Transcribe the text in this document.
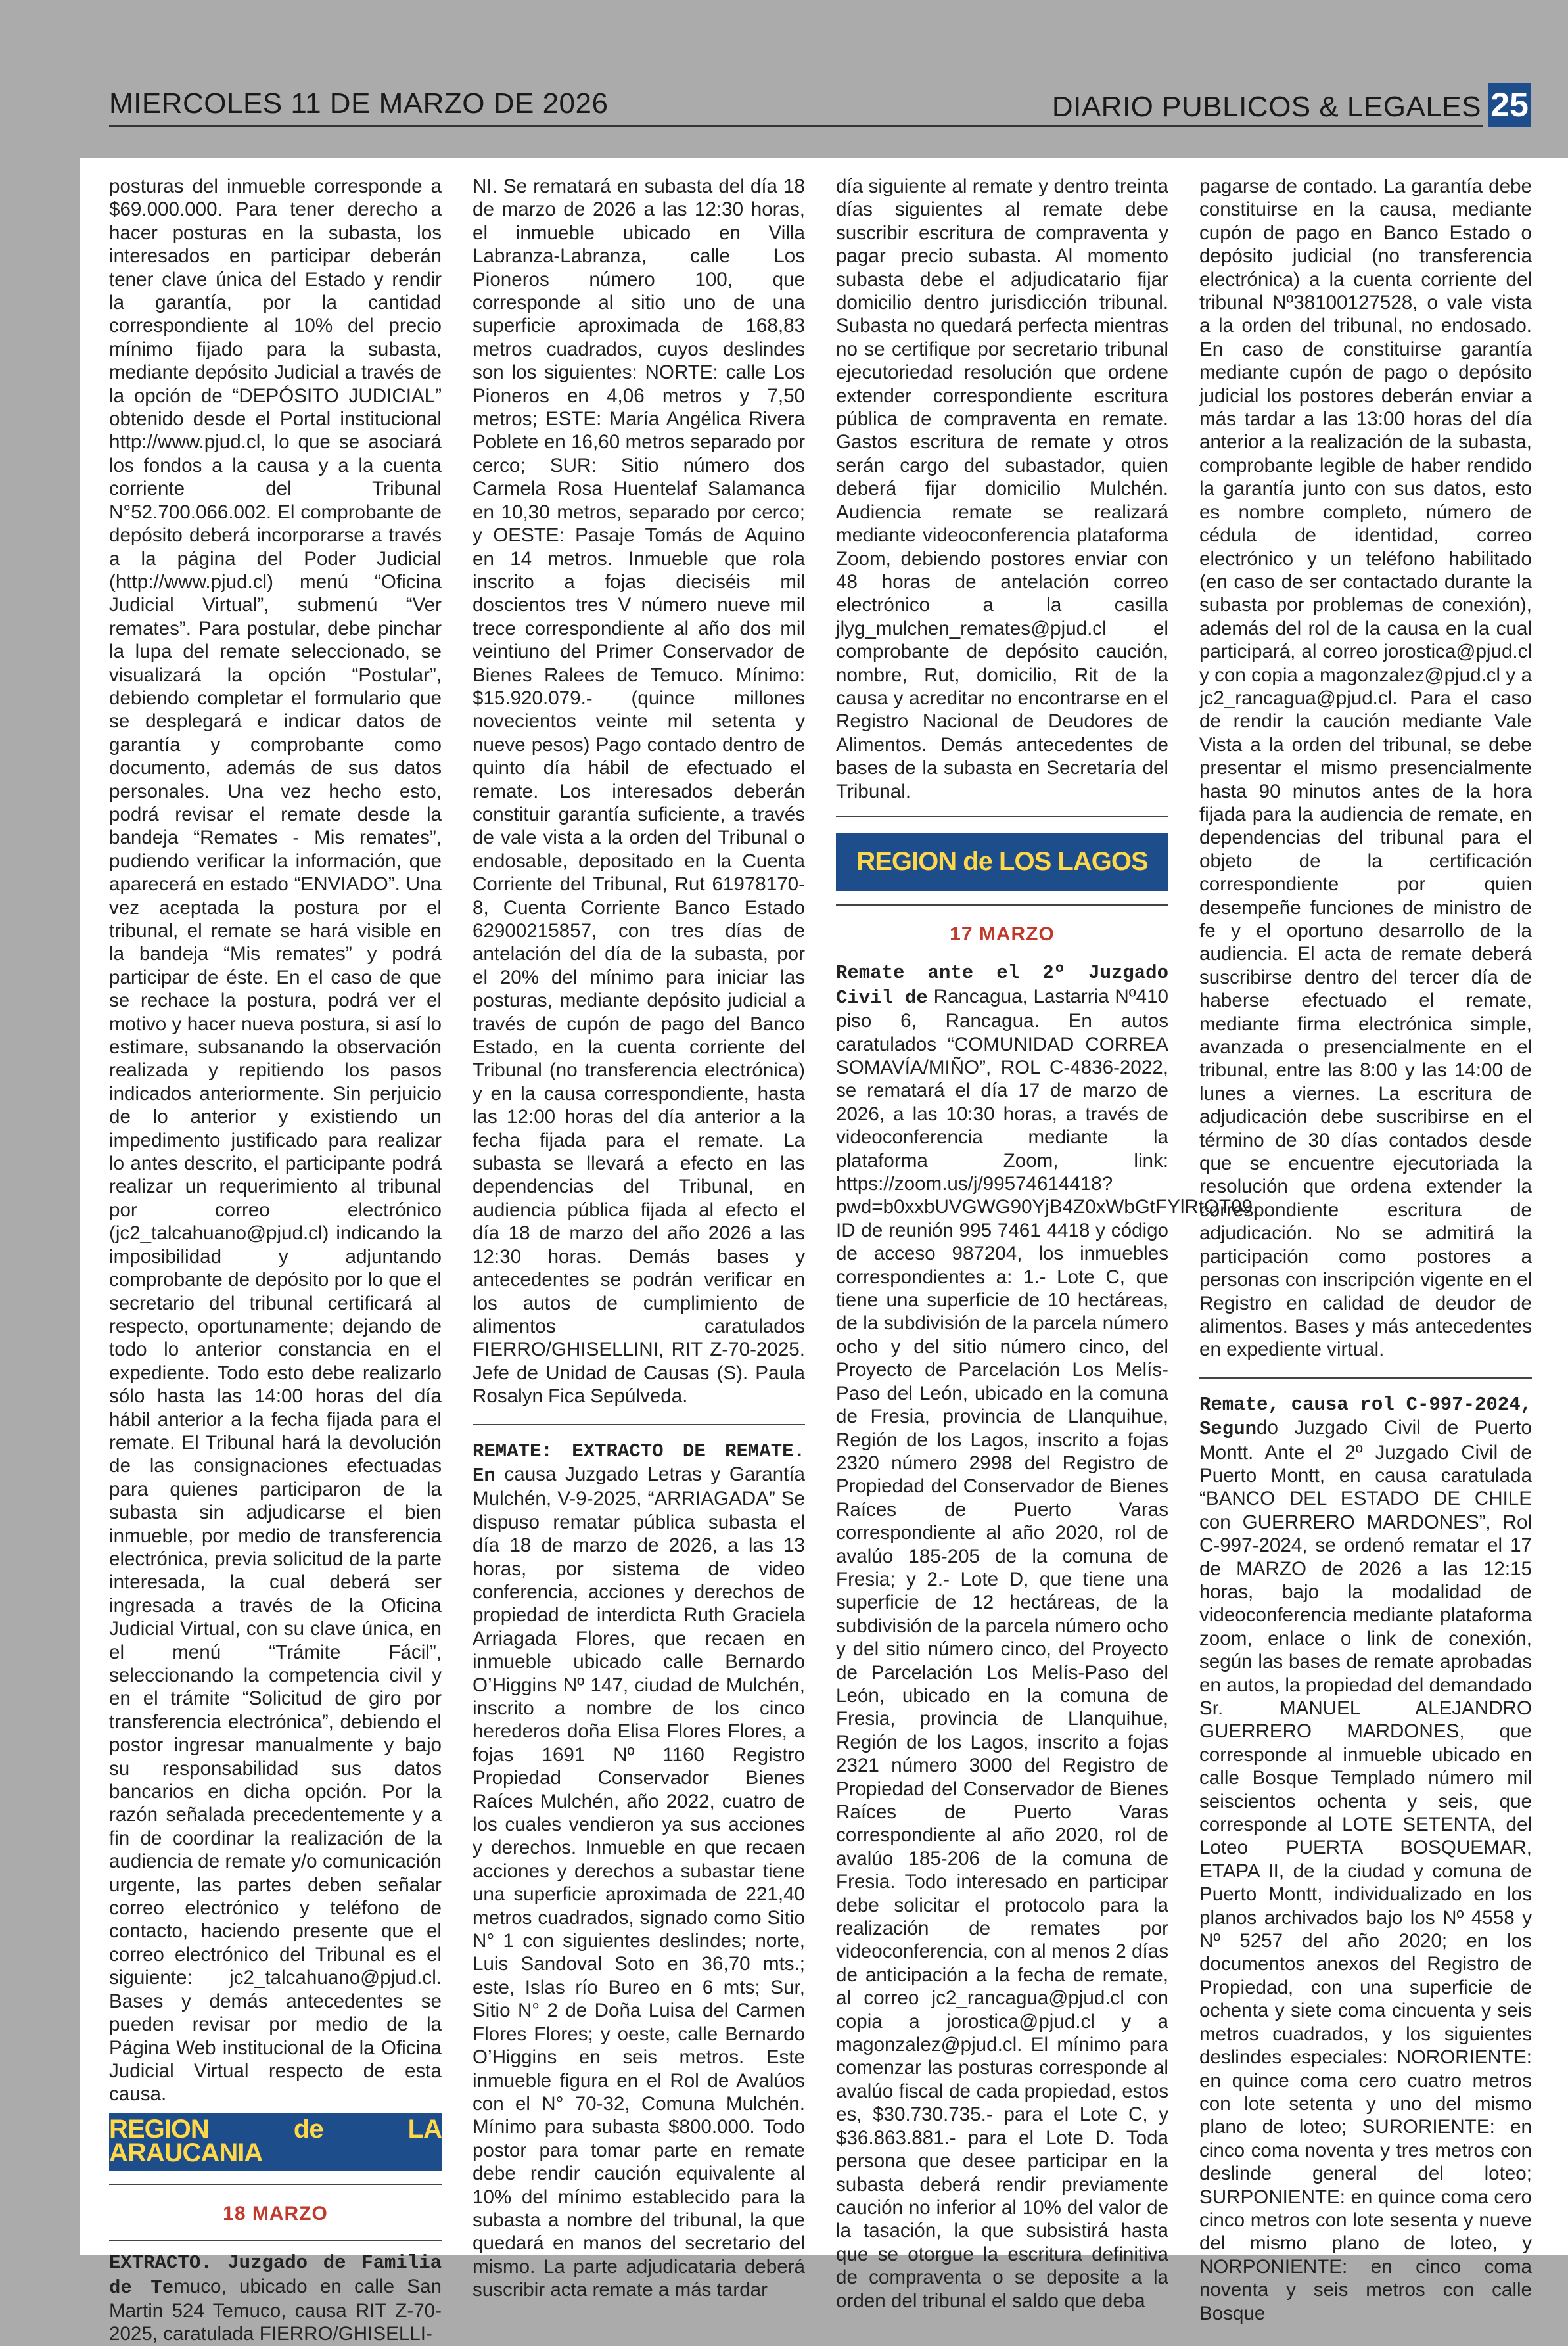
MIERCOLES 11 DE MARZO DE 2026	DIARIO PUBLICOS & LEGALES 25

posturas del inmueble corresponde a $69.000.000. Para tener derecho a hacer posturas en la subasta, los interesados en participar deberán tener clave única del Estado y rendir la garantía, por la cantidad correspondiente al 10% del precio mínimo fijado para la subasta, mediante depósito Judicial a través de la opción de “DEPÓSITO JUDICIAL” obtenido desde el Portal institucional http://www.pjud.cl, lo que se asociará los fondos a la causa y a la cuenta corriente del Tribunal N°52.700.066.002. El comprobante de depósito deberá incorporarse a través a la página del Poder Judicial (http://www.pjud.cl) menú “Oficina Judicial Virtual”, submenú “Ver remates”. Para postular, debe pinchar la lupa del remate seleccionado, se visualizará la opción “Postular”, debiendo completar el formulario que se desplegará e indicar datos de garantía y comprobante como documento, además de sus datos personales. Una vez hecho esto, podrá revisar el remate desde la bandeja “Remates - Mis remates”, pudiendo verificar la información, que aparecerá en estado “ENVIADO”. Una vez aceptada la postura por el tribunal, el remate se hará visible en la bandeja “Mis remates” y podrá participar de éste. En el caso de que se rechace la postura, podrá ver el motivo y hacer nueva postura, si así lo estimare, subsanando la observación realizada y repitiendo los pasos indicados anteriormente. Sin perjuicio de lo anterior y existiendo un impedimento justificado para realizar lo antes descrito, el participante podrá realizar un requerimiento al tribunal por correo electrónico (jc2_talcahuano@pjud.cl) indicando la imposibilidad y adjuntando comprobante de depósito por lo que el secretario del tribunal certificará al respecto, oportunamente; dejando de todo lo anterior constancia en el expediente. Todo esto debe realizarlo sólo hasta las 14:00 horas del día hábil anterior a la fecha fijada para el remate. El Tribunal hará la devolución de las consignaciones efectuadas para quienes participaron de la subasta sin adjudicarse el bien inmueble, por medio de transferencia electrónica, previa solicitud de la parte interesada, la cual deberá ser ingresada a través de la Oficina Judicial Virtual, con su clave única, en el menú “Trámite Fácil”, seleccionando la competencia civil y en el trámite “Solicitud de giro por transferencia electrónica”, debiendo el postor ingresar manualmente y bajo su responsabilidad sus datos bancarios en dicha opción. Por la razón señalada precedentemente y a fin de coordinar la realización de la audiencia de remate y/o comunicación urgente, las partes deben señalar correo electrónico y teléfono de contacto, haciendo presente que el correo electrónico del Tribunal es el siguiente: jc2_talcahuano@pjud.cl. Bases y demás antecedentes se pueden revisar por medio de la Página Web institucional de la Oficina Judicial Virtual respecto de esta causa.

REGION de LA ARAUCANIA
18 MARZO

EXTRACTO. Juzgado de Familia de Temuco, ubicado en calle San Martin 524 Temuco, causa RIT Z-70-2025, caratulada FIERRO/GHISELLI-

NI. Se rematará en subasta del día 18 de marzo de 2026 a las 12:30 horas, el inmueble ubicado en Villa Labranza-Labranza, calle Los Pioneros número 100, que corresponde al sitio uno de una superficie aproximada de 168,83 metros cuadrados, cuyos deslindes son los siguientes: NORTE: calle Los Pioneros en 4,06 metros y 7,50 metros; ESTE: María Angélica Rivera Poblete en 16,60 metros separado por cerco; SUR: Sitio número dos Carmela Rosa Huentelaf Salamanca en 10,30 metros, separado por cerco; y OESTE: Pasaje Tomás de Aquino en 14 metros. Inmueble que rola inscrito a fojas dieciséis mil doscientos tres V número nueve mil trece correspondiente al año dos mil veintiuno del Primer Conservador de Bienes Ralees de Temuco. Mínimo: $15.920.079.- (quince millones novecientos veinte mil setenta y nueve pesos) Pago contado dentro de quinto día hábil de efectuado el remate. Los interesados deberán constituir garantía suficiente, a través de vale vista a la orden del Tribunal o endosable, depositado en la Cuenta Corriente del Tribunal, Rut 61978170-8, Cuenta Corriente Banco Estado 62900215857, con tres días de antelación del día de la subasta, por el 20% del mínimo para iniciar las posturas, mediante depósito judicial a través de cupón de pago del Banco Estado, en la cuenta corriente del Tribunal (no transferencia electrónica) y en la causa correspondiente, hasta las 12:00 horas del día anterior a la fecha fijada para el remate. La subasta se llevará a efecto en las dependencias del Tribunal, en audiencia pública fijada al efecto el día 18 de marzo del año 2026 a las 12:30 horas. Demás bases y antecedentes se podrán verificar en los autos de cumplimiento de alimentos caratulados FIERRO/GHISELLINI, RIT Z-70-2025. Jefe de Unidad de Causas (S). Paula Rosalyn Fica Sepúlveda.

REMATE: EXTRACTO DE REMATE. En causa Juzgado Letras y Garantía Mulchén, V-9-2025, “ARRIAGADA” Se dispuso rematar pública subasta el día 18 de marzo de 2026, a las 13 horas, por sistema de video conferencia, acciones y derechos de propiedad de interdicta Ruth Graciela Arriagada Flores, que recaen en inmueble ubicado calle Bernardo O’Higgins Nº 147, ciudad de Mulchén, inscrito a nombre de los cinco herederos doña Elisa Flores Flores, a fojas 1691 Nº 1160 Registro Propiedad Conservador Bienes Raíces Mulchén, año 2022, cuatro de los cuales vendieron ya sus acciones y derechos. Inmueble en que recaen acciones y derechos a subastar tiene una superficie aproximada de 221,40 metros cuadrados, signado como Sitio N° 1 con siguientes deslindes; norte, Luis Sandoval Soto en 36,70 mts.; este, Islas río Bureo en 6 mts; Sur, Sitio N° 2 de Doña Luisa del Carmen Flores Flores; y oeste, calle Bernardo O’Higgins en seis metros. Este inmueble figura en el Rol de Avalúos con el N° 70-32, Comuna Mulchén. Mínimo para subasta $800.000. Todo postor para tomar parte en remate debe rendir caución equivalente al 10% del mínimo establecido para la subasta a nombre del tribunal, la que quedará en manos del secretario del mismo. La parte adjudicataria deberá suscribir acta remate a más tardar

día siguiente al remate y dentro treinta días siguientes al remate debe suscribir escritura de compraventa y pagar precio subasta. Al momento subasta debe el adjudicatario fijar domicilio dentro jurisdicción tribunal. Subasta no quedará perfecta mientras no se certifique por secretario tribunal ejecutoriedad resolución que ordene extender correspondiente escritura pública de compraventa en remate. Gastos escritura de remate y otros serán cargo del subastador, quien deberá fijar domicilio Mulchén. Audiencia remate se realizará mediante videoconferencia plataforma Zoom, debiendo postores enviar con 48 horas de antelación correo electrónico a la casilla jlyg_mulchen_remates@pjud.cl el comprobante de depósito caución, nombre, Rut, domicilio, Rit de la causa y acreditar no encontrarse en el Registro Nacional de Deudores de Alimentos. Demás antecedentes de bases de la subasta en Secretaría del Tribunal.

REGION de LOS LAGOS
17 MARZO

Remate ante el 2º Juzgado Civil de Rancagua, Lastarria Nº410 piso 6, Rancagua. En autos caratulados “COMUNIDAD CORREA SOMAVÍA/MIÑO”, ROL C-4836-2022, se rematará el día 17 de marzo de 2026, a las 10:30 horas, a través de videoconferencia mediante la plataforma Zoom, link: https://zoom.us/j/99574614418?pwd=b0xxbUVGWG90YjB4Z0xWbGtFYlRtQT09, ID de reunión 995 7461 4418 y código de acceso 987204, los inmuebles correspondientes a: 1.- Lote C, que tiene una superficie de 10 hectáreas, de la subdivisión de la parcela número ocho y del sitio número cinco, del Proyecto de Parcelación Los Melís-Paso del León, ubicado en la comuna de Fresia, provincia de Llanquihue, Región de los Lagos, inscrito a fojas 2320 número 2998 del Registro de Propiedad del Conservador de Bienes Raíces de Puerto Varas correspondiente al año 2020, rol de avalúo 185-205 de la comuna de Fresia; y 2.- Lote D, que tiene una superficie de 12 hectáreas, de la subdivisión de la parcela número ocho y del sitio número cinco, del Proyecto de Parcelación Los Melís-Paso del León, ubicado en la comuna de Fresia, provincia de Llanquihue, Región de los Lagos, inscrito a fojas 2321 número 3000 del Registro de Propiedad del Conservador de Bienes Raíces de Puerto Varas correspondiente al año 2020, rol de avalúo 185-206 de la comuna de Fresia. Todo interesado en participar debe solicitar el protocolo para la realización de remates por videoconferencia, con al menos 2 días de anticipación a la fecha de remate, al correo jc2_rancagua@pjud.cl con copia a jorostica@pjud.cl y a magonzalez@pjud.cl. El mínimo para comenzar las posturas corresponde al avalúo fiscal de cada propiedad, estos es, $30.730.735.- para el Lote C, y $36.863.881.- para el Lote D. Toda persona que desee participar en la subasta deberá rendir previamente caución no inferior al 10% del valor de la tasación, la que subsistirá hasta que se otorgue la escritura definitiva de compraventa o se deposite a la orden del tribunal el saldo que deba

pagarse de contado. La garantía debe constituirse en la causa, mediante cupón de pago en Banco Estado o depósito judicial (no transferencia electrónica) a la cuenta corriente del tribunal Nº38100127528, o vale vista a la orden del tribunal, no endosado. En caso de constituirse garantía mediante cupón de pago o depósito judicial los postores deberán enviar a más tardar a las 13:00 horas del día anterior a la realización de la subasta, comprobante legible de haber rendido la garantía junto con sus datos, esto es nombre completo, número de cédula de identidad, correo electrónico y un teléfono habilitado (en caso de ser contactado durante la subasta por problemas de conexión), además del rol de la causa en la cual participará, al correo jorostica@pjud.cl y con copia a magonzalez@pjud.cl y a jc2_rancagua@pjud.cl. Para el caso de rendir la caución mediante Vale Vista a la orden del tribunal, se debe presentar el mismo presencialmente hasta 90 minutos antes de la hora fijada para la audiencia de remate, en dependencias del tribunal para el objeto de la certificación correspondiente por quien desempeñe funciones de ministro de fe y el oportuno desarrollo de la audiencia. El acta de remate deberá suscribirse dentro del tercer día de haberse efectuado el remate, mediante firma electrónica simple, avanzada o presencialmente en el tribunal, entre las 8:00 y las 14:00 de lunes a viernes. La escritura de adjudicación debe suscribirse en el término de 30 días contados desde que se encuentre ejecutoriada la resolución que ordena extender la correspondiente escritura de adjudicación. No se admitirá la participación como postores a personas con inscripción vigente en el Registro en calidad de deudor de alimentos. Bases y más antecedentes en expediente virtual.

Remate, causa rol C-997-2024, Segundo Juzgado Civil de Puerto Montt. Ante el 2º Juzgado Civil de Puerto Montt, en causa caratulada “BANCO DEL ESTADO DE CHILE con GUERRERO MARDONES”, Rol C-997-2024, se ordenó rematar el 17 de MARZO de 2026 a las 12:15 horas, bajo la modalidad de videoconferencia mediante plataforma zoom, enlace o link de conexión, según las bases de remate aprobadas en autos, la propiedad del demandado Sr. MANUEL ALEJANDRO GUERRERO MARDONES, que corresponde al inmueble ubicado en calle Bosque Templado número mil seiscientos ochenta y seis, que corresponde al LOTE SETENTA, del Loteo PUERTA BOSQUEMAR, ETAPA II, de la ciudad y comuna de Puerto Montt, individualizado en los planos archivados bajo los Nº 4558 y Nº 5257 del año 2020; en los documentos anexos del Registro de Propiedad, con una superficie de ochenta y siete coma cincuenta y seis metros cuadrados, y los siguientes deslindes especiales: NORORIENTE: en quince coma cero cuatro metros con lote setenta y uno del mismo plano de loteo; SURORIENTE: en cinco coma noventa y tres metros con deslinde general del loteo; SURPONIENTE: en quince coma cero cinco metros con lote sesenta y nueve del mismo plano de loteo, y NORPONIENTE: en cinco coma noventa y seis metros con calle Bosque
